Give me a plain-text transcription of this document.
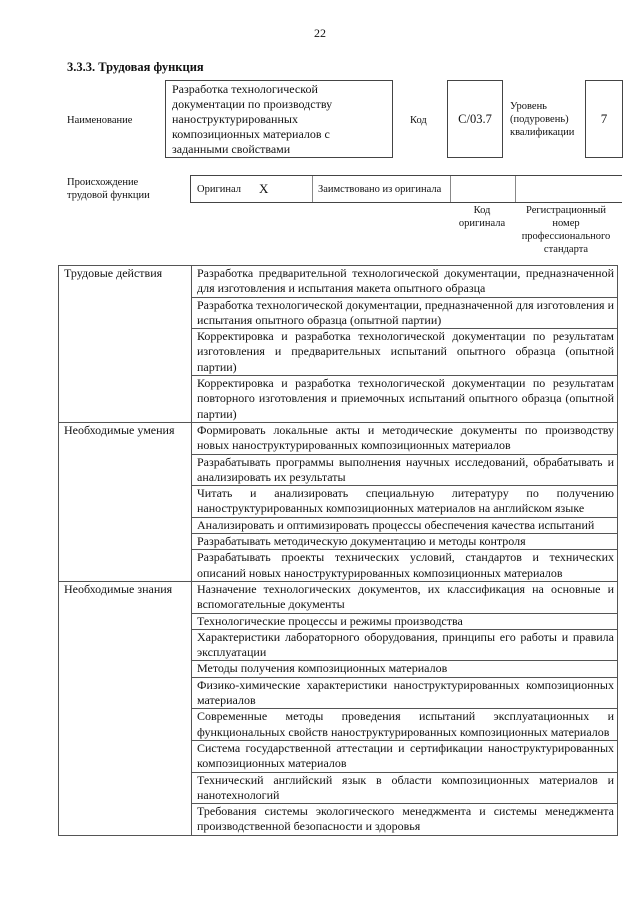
22
3.3.3. Трудовая функция
Наименование
Разработка технологической документации по производству наноструктурированных композиционных материалов с заданными свойствами
Код	C/03.7
Уровень (подуровень) квалификации
7
Происхождение трудовой функции
Оригинал X	Заимствовано из оригинала
Код оригинала
Регистрационный номер профессионального стандарта
Трудовые действия	Разработка предварительной технологической документации, предназначенной для изготовления и испытания макета опытного образца
	Разработка технологической документации, предназначенной для изготовления и испытания опытного образца (опытной партии)
	Корректировка и разработка технологической документации по результатам изготовления и предварительных испытаний опытного образца (опытной партии)
	Корректировка и разработка технологической документации по результатам повторного изготовления и приемочных испытаний опытного образца (опытной партии)
Необходимые умения	Формировать локальные акты и методические документы по производству новых наноструктурированных композиционных материалов
	Разрабатывать программы выполнения научных исследований, обрабатывать и анализировать их результаты
	Читать и анализировать специальную литературу по получению наноструктурированных композиционных материалов на английском языке
	Анализировать и оптимизировать процессы обеспечения качества испытаний
	Разрабатывать методическую документацию и методы контроля
	Разрабатывать проекты технических условий, стандартов и технических описаний новых наноструктурированных композиционных материалов
Необходимые знания	Назначение технологических документов, их классификация на основные и вспомогательные документы
	Технологические процессы и режимы производства
	Характеристики лабораторного оборудования, принципы его работы и правила эксплуатации
	Методы получения композиционных материалов
	Физико-химические характеристики наноструктурированных композиционных материалов
	Современные методы проведения испытаний эксплуатационных и функциональных свойств наноструктурированных композиционных материалов
	Система государственной аттестации и сертификации наноструктурированных композиционных материалов
	Технический английский язык в области композиционных материалов и нанотехнологий
	Требования системы экологического менеджмента и системы менеджмента производственной безопасности и здоровья
